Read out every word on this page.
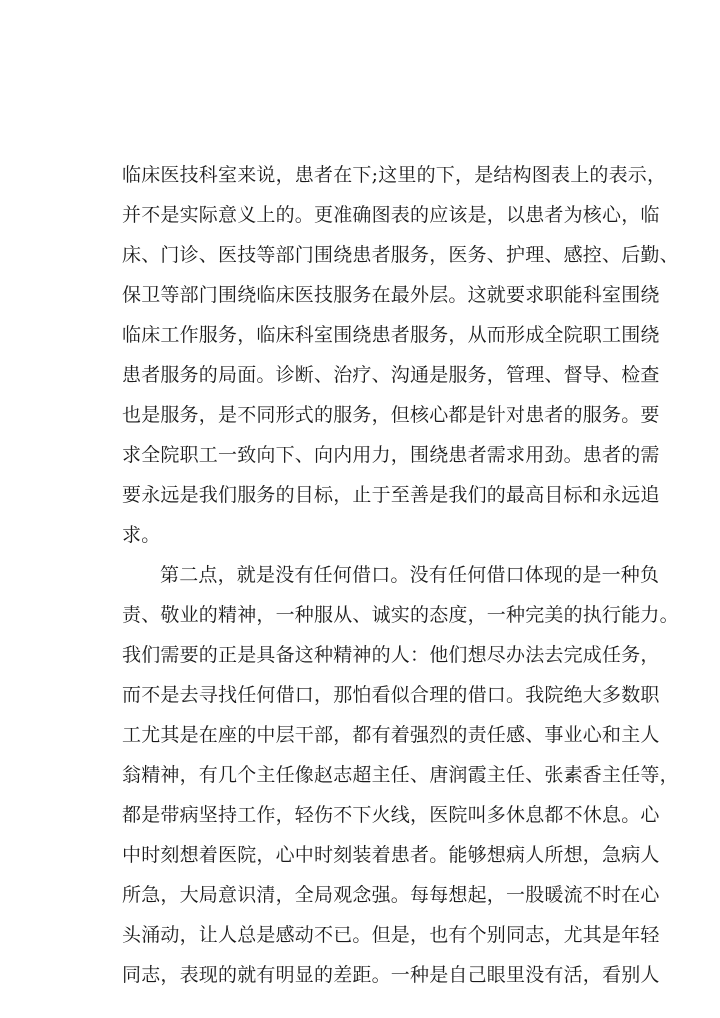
临床医技科室来说，患者在下;这里的下，是结构图表上的表示，
并不是实际意义上的。更准确图表的应该是，以患者为核心，临
床、门诊、医技等部门围绕患者服务，医务、护理、感控、后勤、
保卫等部门围绕临床医技服务在最外层。这就要求职能科室围绕
临床工作服务，临床科室围绕患者服务，从而形成全院职工围绕
患者服务的局面。诊断、治疗、沟通是服务，管理、督导、检查
也是服务，是不同形式的服务，但核心都是针对患者的服务。要
求全院职工一致向下、向内用力，围绕患者需求用劲。患者的需
要永远是我们服务的目标，止于至善是我们的最高目标和永远追
求。
第二点，就是没有任何借口。没有任何借口体现的是一种负
责、敬业的精神，一种服从、诚实的态度，一种完美的执行能力。
我们需要的正是具备这种精神的人：他们想尽办法去完成任务，
而不是去寻找任何借口，那怕看似合理的借口。我院绝大多数职
工尤其是在座的中层干部，都有着强烈的责任感、事业心和主人
翁精神，有几个主任像赵志超主任、唐润霞主任、张素香主任等，
都是带病坚持工作，轻伤不下火线，医院叫多休息都不休息。心
中时刻想着医院，心中时刻装着患者。能够想病人所想，急病人
所急，大局意识清，全局观念强。每每想起，一股暖流不时在心
头涌动，让人总是感动不已。但是，也有个别同志，尤其是年轻
同志，表现的就有明显的差距。一种是自己眼里没有活，看别人
